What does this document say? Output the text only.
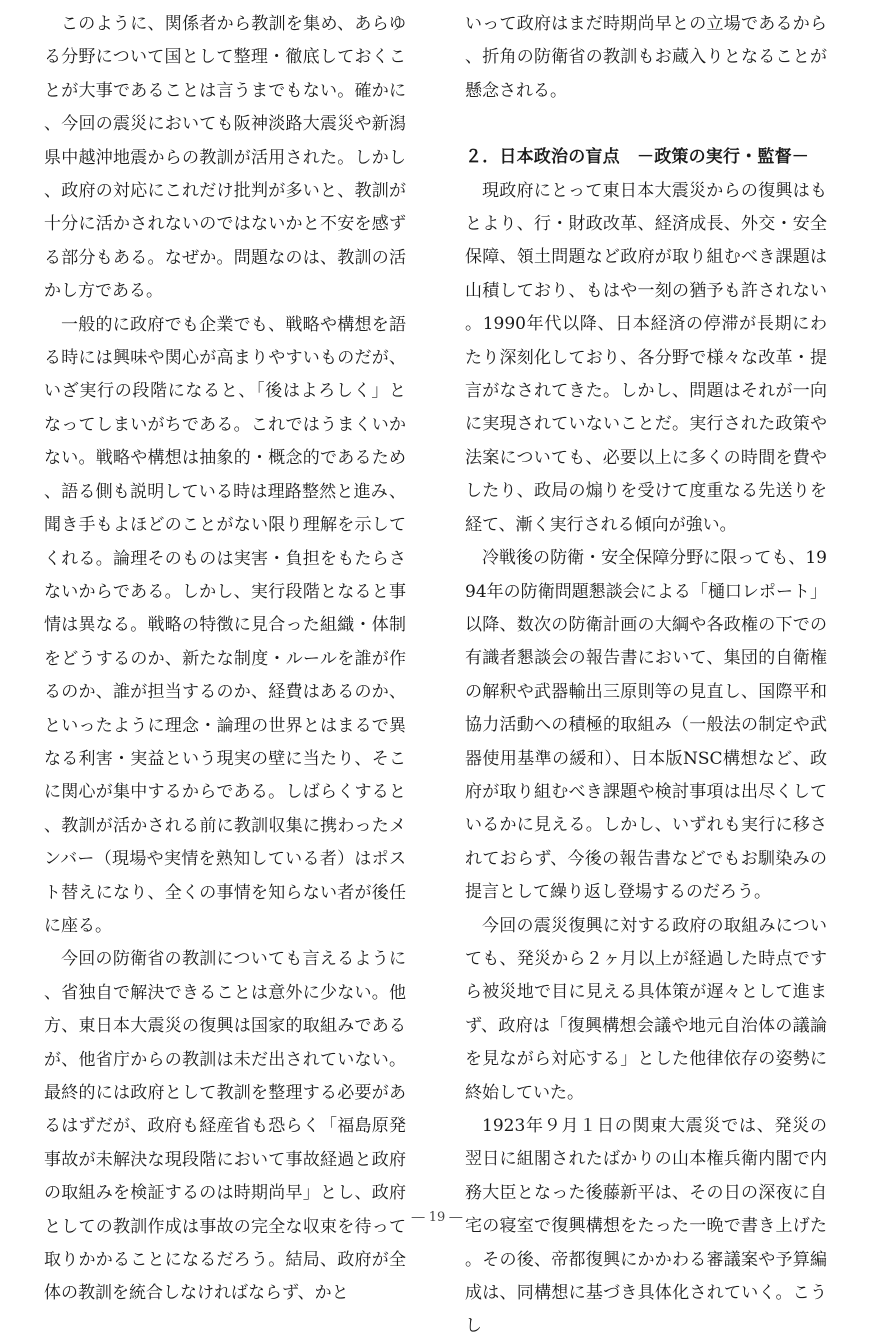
このように、関係者から教訓を集め、あらゆる分野について国として整理・徹底しておくことが大事であることは言うまでもない。確かに、今回の震災においても阪神淡路大震災や新潟県中越沖地震からの教訓が活用された。しかし、政府の対応にこれだけ批判が多いと、教訓が十分に活かされないのではないかと不安を感ずる部分もある。なぜか。問題なのは、教訓の活かし方である。

一般的に政府でも企業でも、戦略や構想を語る時には興味や関心が高まりやすいものだが、いざ実行の段階になると、「後はよろしく」となってしまいがちである。これではうまくいかない。戦略や構想は抽象的・概念的であるため、語る側も説明している時は理路整然と進み、聞き手もよほどのことがない限り理解を示してくれる。論理そのものは実害・負担をもたらさないからである。しかし、実行段階となると事情は異なる。戦略の特徴に見合った組織・体制をどうするのか、新たな制度・ルールを誰が作るのか、誰が担当するのか、経費はあるのか、といったように理念・論理の世界とはまるで異なる利害・実益という現実の壁に当たり、そこに関心が集中するからである。しばらくすると、教訓が活かされる前に教訓収集に携わったメンバー（現場や実情を熟知している者）はポスト替えになり、全くの事情を知らない者が後任に座る。

今回の防衛省の教訓についても言えるように、省独自で解決できることは意外に少ない。他方、東日本大震災の復興は国家的取組みであるが、他省庁からの教訓は未だ出されていない。最終的には政府として教訓を整理する必要があるはずだが、政府も経産省も恐らく「福島原発事故が未解決な現段階において事故経過と政府の取組みを検証するのは時期尚早」とし、政府としての教訓作成は事故の完全な収束を待って取りかかることになるだろう。結局、政府が全体の教訓を統合しなければならず、かと

いって政府はまだ時期尚早との立場であるから、折角の防衛省の教訓もお蔵入りとなることが懸念される。

２．日本政治の盲点　－政策の実行・監督－

現政府にとって東日本大震災からの復興はもとより、行・財政改革、経済成長、外交・安全保障、領土問題など政府が取り組むべき課題は山積しており、もはや一刻の猶予も許されない。1990年代以降、日本経済の停滞が長期にわたり深刻化しており、各分野で様々な改革・提言がなされてきた。しかし、問題はそれが一向に実現されていないことだ。実行された政策や法案についても、必要以上に多くの時間を費やしたり、政局の煽りを受けて度重なる先送りを経て、漸く実行される傾向が強い。

冷戦後の防衛・安全保障分野に限っても、1994年の防衛問題懇談会による「樋口レポート」以降、数次の防衛計画の大綱や各政権の下での有識者懇談会の報告書において、集団的自衛権の解釈や武器輸出三原則等の見直し、国際平和協力活動への積極的取組み（一般法の制定や武器使用基準の緩和）、日本版NSC構想など、政府が取り組むべき課題や検討事項は出尽くしているかに見える。しかし、いずれも実行に移されておらず、今後の報告書などでもお馴染みの提言として繰り返し登場するのだろう。

今回の震災復興に対する政府の取組みについても、発災から２ヶ月以上が経過した時点ですら被災地で目に見える具体策が遅々として進まず、政府は「復興構想会議や地元自治体の議論を見ながら対応する」とした他律依存の姿勢に終始していた。

1923年９月１日の関東大震災では、発災の翌日に組閣されたばかりの山本権兵衛内閣で内務大臣となった後藤新平は、その日の深夜に自宅の寝室で復興構想をたった一晩で書き上げた。その後、帝都復興にかかわる審議案や予算編成は、同構想に基づき具体化されていく。こうし

― 19 ―
